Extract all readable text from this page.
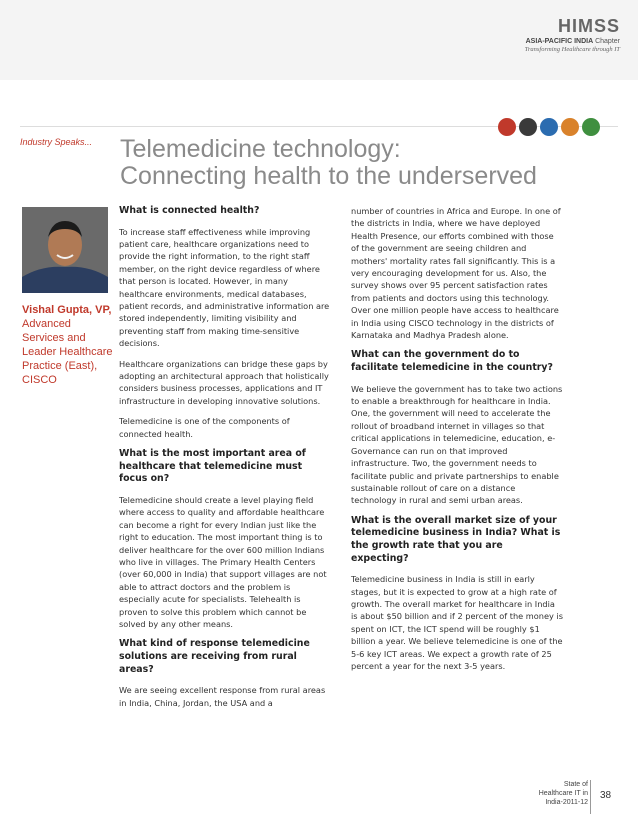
HIMSS
ASIA-PACIFIC INDIA Chapter
Transforming Healthcare through IT
Industry Speaks... Telemedicine technology:
Connecting health to the underserved
Vishal Gupta, VP,
Advanced Services and Leader Healthcare Practice (East), CISCO
What is connected health?

To increase staff effectiveness while improving patient care, healthcare organizations need to provide the right information, to the right staff member, on the right device regardless of where that person is located. However, in many healthcare environments, medical databases, patient records, and administrative information are stored independently, limiting visibility and preventing staff from making time-sensitive decisions.

Healthcare organizations can bridge these gaps by adopting an architectural approach that holistically considers business processes, applications and IT infrastructure in developing innovative solutions.

Telemedicine is one of the components of connected health.

What is the most important area of healthcare that telemedicine must focus on?

Telemedicine should create a level playing field where access to quality and affordable healthcare can become a right for every Indian just like the right to education. The most important thing is to deliver healthcare for the over 600 million Indians who live in villages. The Primary Health Centers (over 60,000 in India) that support villages are not able to attract doctors and the problem is especially acute for specialists. Telehealth is proven to solve this problem which cannot be solved by any other means.

What kind of response telemedicine solutions are receiving from rural areas?

We are seeing excellent response from rural areas in India, China, Jordan, the USA and a

number of countries in Africa and Europe. In one of the districts in India, where we have deployed Health Presence, our efforts combined with those of the government are seeing children and mothers' mortality rates fall significantly. This is a very encouraging development for us. Also, the survey shows over 95 percent satisfaction rates from patients and doctors using this technology. Over one million people have access to healthcare in India using CISCO technology in the districts of Karnataka and Madhya Pradesh alone.

What can the government do to facilitate telemedicine in the country?

We believe the government has to take two actions to enable a breakthrough for healthcare in India. One, the government will need to accelerate the rollout of broadband internet in villages so that critical applications in telemedicine, education, e-Governance can run on that improved infrastructure. Two, the government needs to facilitate public and private partnerships to enable sustainable rollout of care on a distance technology in rural and semi urban areas.

What is the overall market size of your telemedicine business in India? What is the growth rate that you are expecting?

Telemedicine business in India is still in early stages, but it is expected to grow at a high rate of growth. The overall market for healthcare in India is about $50 billion and if 2 percent of the money is spent on ICT, the ICT spend will be roughly $1 billion a year. We believe telemedicine is one of the 5-6 key ICT areas. We expect a growth rate of 25 percent a year for the next 3-5 years.

State of
Healthcare IT in
India-2011-12
38
